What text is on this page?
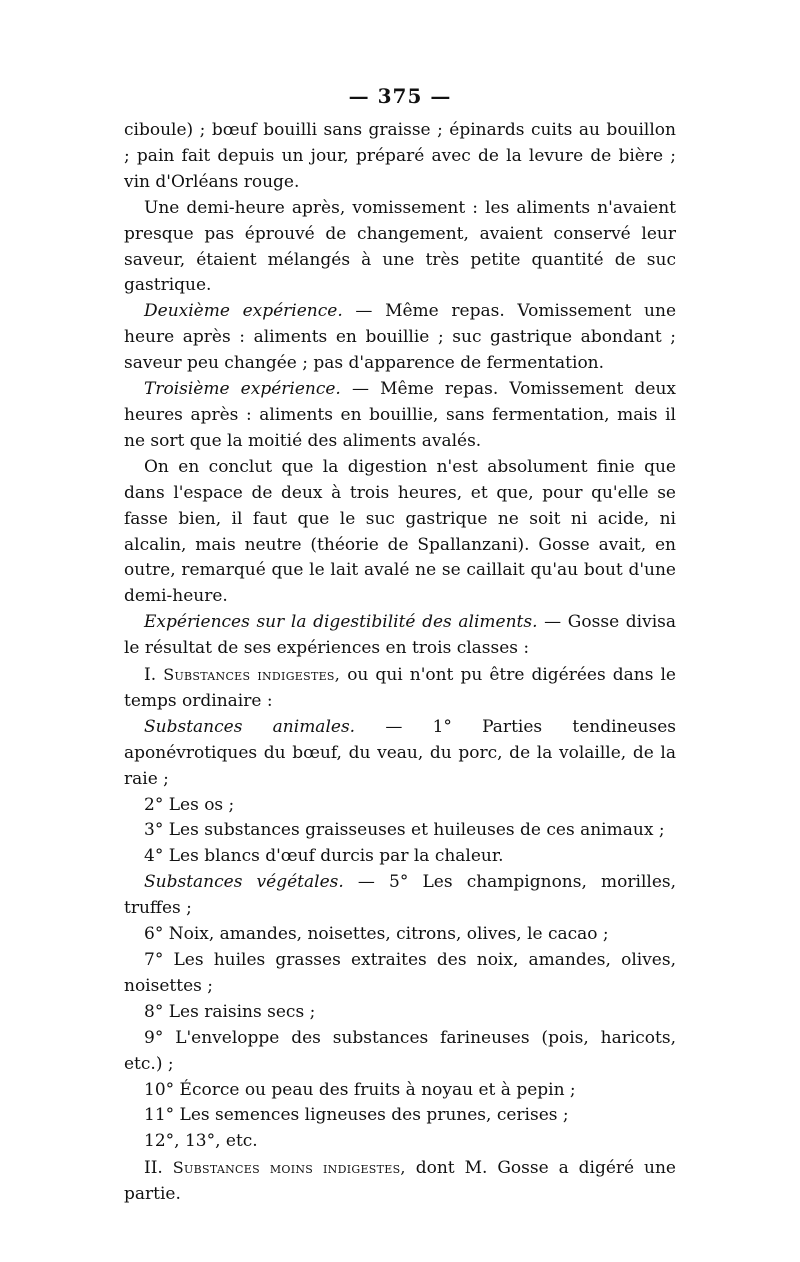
— 375 —

ciboule) ; bœuf bouilli sans graisse ; épinards cuits au bouillon ; pain fait depuis un jour, préparé avec de la levure de bière ; vin d'Orléans rouge.

Une demi-heure après, vomissement : les aliments n'avaient presque pas éprouvé de changement, avaient conservé leur saveur, étaient mélangés à une très petite quantité de suc gastrique.

Deuxième expérience. — Même repas. Vomissement une heure après : aliments en bouillie ; suc gastrique abondant ; saveur peu changée ; pas d'apparence de fermentation.

Troisième expérience. — Même repas. Vomissement deux heures après : aliments en bouillie, sans fermentation, mais il ne sort que la moitié des aliments avalés.

On en conclut que la digestion n'est absolument finie que dans l'espace de deux à trois heures, et que, pour qu'elle se fasse bien, il faut que le suc gastrique ne soit ni acide, ni alcalin, mais neutre (théorie de Spallanzani). Gosse avait, en outre, remarqué que le lait avalé ne se caillait qu'au bout d'une demi-heure.

Expériences sur la digestibilité des aliments. — Gosse divisa le résultat de ses expériences en trois classes :

I. Substances indigestes, ou qui n'ont pu être digérées dans le temps ordinaire :

Substances animales. — 1° Parties tendineuses aponévrotiques du bœuf, du veau, du porc, de la volaille, de la raie ;

2° Les os ;

3° Les substances graisseuses et huileuses de ces animaux ;

4° Les blancs d'œuf durcis par la chaleur.

Substances végétales. — 5° Les champignons, morilles, truffes ;

6° Noix, amandes, noisettes, citrons, olives, le cacao ;

7° Les huiles grasses extraites des noix, amandes, olives, noisettes ;

8° Les raisins secs ;

9° L'enveloppe des substances farineuses (pois, haricots, etc.) ;

10° Écorce ou peau des fruits à noyau et à pepin ;

11° Les semences ligneuses des prunes, cerises ;

12°, 13°, etc.

II. Substances moins indigestes, dont M. Gosse a digéré une partie.
